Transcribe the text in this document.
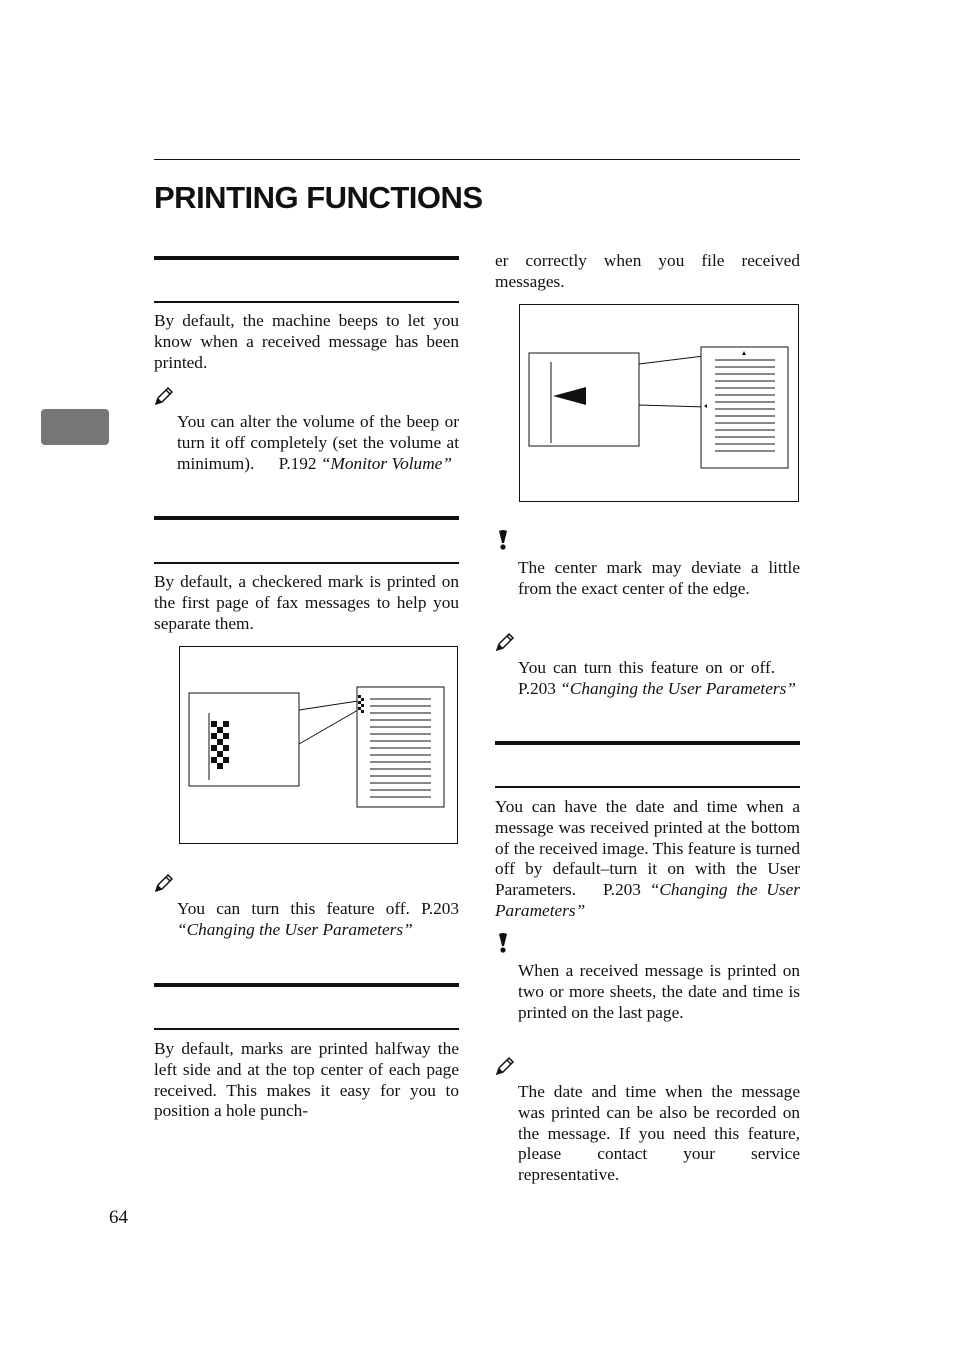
PRINTING FUNCTIONS

By default, the machine beeps to let you know when a received message has been printed.

You can alter the volume of the beep or turn it off completely (set the volume at minimum). P.192 “Monitor Volume”

By default, a checkered mark is printed on the first page of fax messages to help you separate them.

You can turn this feature off. P.203 “Changing the User Parameters”

By default, marks are printed halfway the left side and at the top center of each page received. This makes it easy for you to position a hole punch-

er correctly when you file received messages.

The center mark may deviate a little from the exact center of the edge.

You can turn this feature on or off. P.203 “Changing the User Parameters”

You can have the date and time when a message was received printed at the bottom of the received image. This feature is turned off by default–turn it on with the User Parameters. P.203 “Changing the User Parameters”

When a received message is printed on two or more sheets, the date and time is printed on the last page.

The date and time when the message was printed can be also be recorded on the message. If you need this feature, please contact your service representative.

64
